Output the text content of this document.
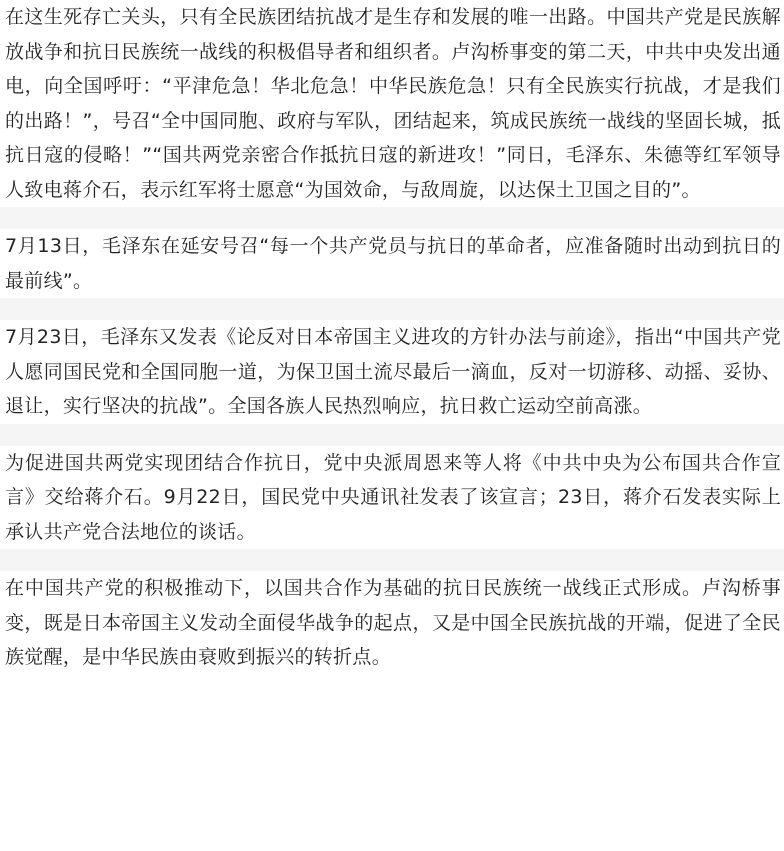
在这生死存亡关头，只有全民族团结抗战才是生存和发展的唯一出路。中国共产党是民族解放战争和抗日民族统一战线的积极倡导者和组织者。卢沟桥事变的第二天，中共中央发出通电，向全国呼吁：“平津危急！华北危急！中华民族危急！只有全民族实行抗战，才是我们的出路！”，号召“全中国同胞、政府与军队，团结起来，筑成民族统一战线的坚固长城，抵抗日寇的侵略！”“国共两党亲密合作抵抗日寇的新进攻！”同日，毛泽东、朱德等红军领导人致电蒋介石，表示红军将士愿意“为国效命，与敌周旋，以达保土卫国之目的”。

7月13日，毛泽东在延安号召“每一个共产党员与抗日的革命者，应准备随时出动到抗日的最前线”。

7月23日，毛泽东又发表《论反对日本帝国主义进攻的方针办法与前途》，指出“中国共产党人愿同国民党和全国同胞一道，为保卫国土流尽最后一滴血，反对一切游移、动摇、妥协、退让，实行坚决的抗战”。全国各族人民热烈响应，抗日救亡运动空前高涨。

为促进国共两党实现团结合作抗日，党中央派周恩来等人将《中共中央为公布国共合作宣言》交给蒋介石。9月22日，国民党中央通讯社发表了该宣言；23日，蒋介石发表实际上承认共产党合法地位的谈话。

在中国共产党的积极推动下，以国共合作为基础的抗日民族统一战线正式形成。卢沟桥事变，既是日本帝国主义发动全面侵华战争的起点，又是中国全民族抗战的开端，促进了全民族觉醒，是中华民族由衰败到振兴的转折点。
